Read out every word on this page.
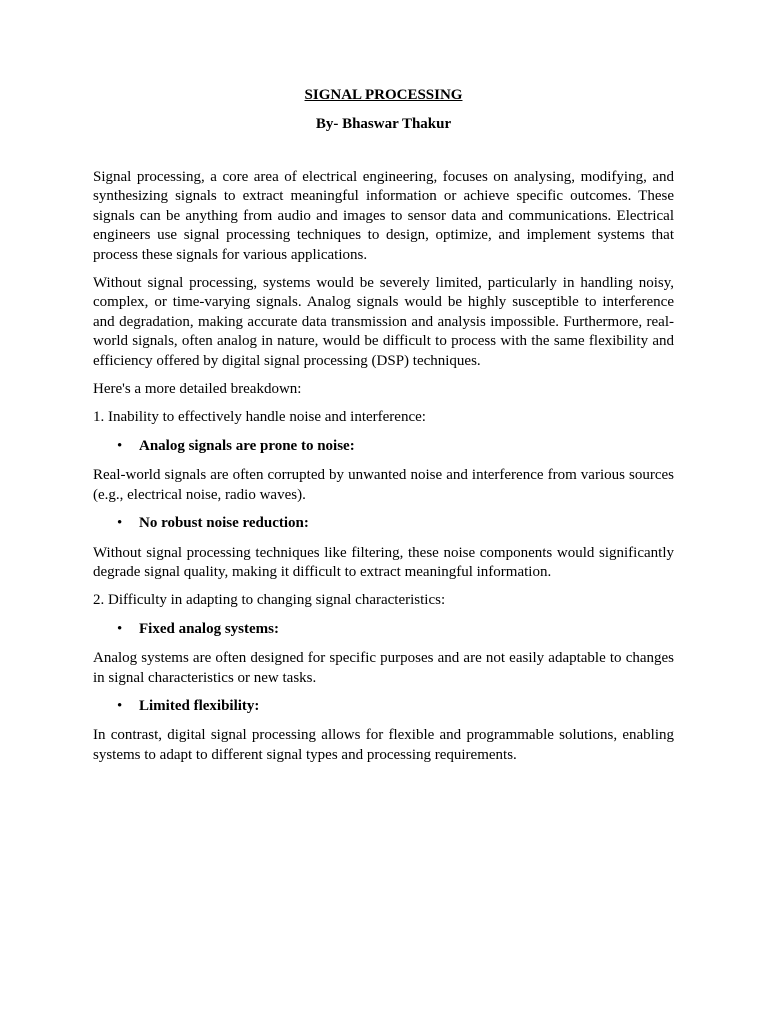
SIGNAL PROCESSING

By- Bhaswar Thakur

Signal processing, a core area of electrical engineering, focuses on analysing, modifying, and synthesizing signals to extract meaningful information or achieve specific outcomes. These signals can be anything from audio and images to sensor data and communications. Electrical engineers use signal processing techniques to design, optimize, and implement systems that process these signals for various applications.

Without signal processing, systems would be severely limited, particularly in handling noisy, complex, or time-varying signals. Analog signals would be highly susceptible to interference and degradation, making accurate data transmission and analysis impossible. Furthermore, real-world signals, often analog in nature, would be difficult to process with the same flexibility and efficiency offered by digital signal processing (DSP) techniques.

Here's a more detailed breakdown:

1. Inability to effectively handle noise and interference:

• Analog signals are prone to noise:

Real-world signals are often corrupted by unwanted noise and interference from various sources (e.g., electrical noise, radio waves).

• No robust noise reduction:

Without signal processing techniques like filtering, these noise components would significantly degrade signal quality, making it difficult to extract meaningful information.

2. Difficulty in adapting to changing signal characteristics:

• Fixed analog systems:

Analog systems are often designed for specific purposes and are not easily adaptable to changes in signal characteristics or new tasks.

• Limited flexibility:

In contrast, digital signal processing allows for flexible and programmable solutions, enabling systems to adapt to different signal types and processing requirements.
